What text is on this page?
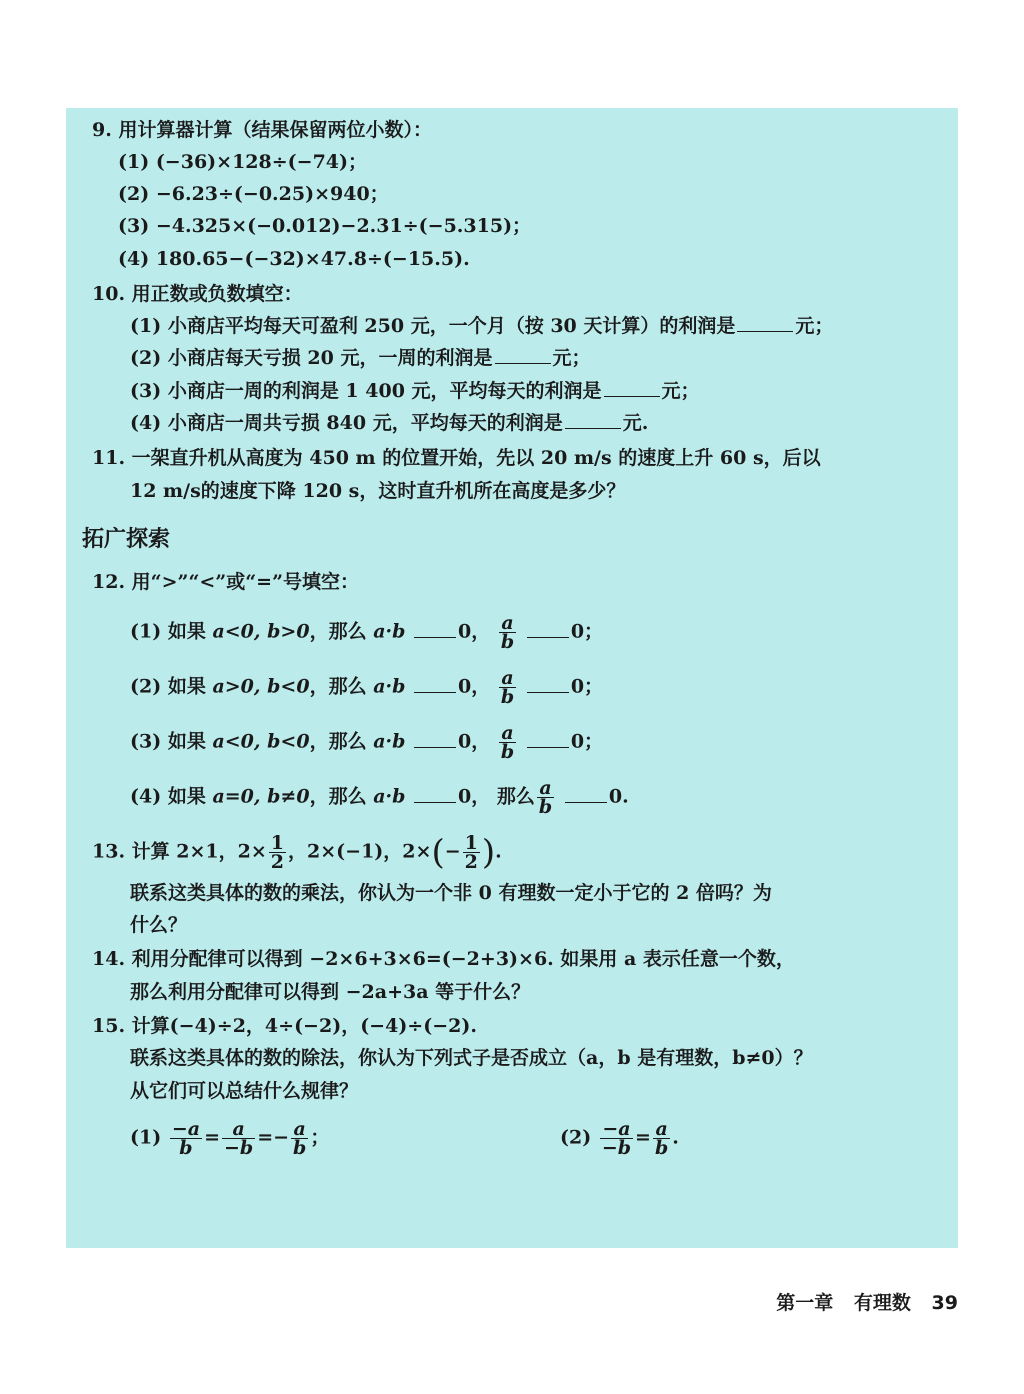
9. 用计算器计算（结果保留两位小数）：
(1) (−36)×128÷(−74)；
(2) −6.23÷(−0.25)×940；
(3) −4.325×(−0.012)−2.31÷(−5.315)；
(4) 180.65−(−32)×47.8÷(−15.5).
10. 用正数或负数填空：
(1) 小商店平均每天可盈利 250 元，一个月（按 30 天计算）的利润是	元；
(2) 小商店每天亏损 20 元，一周的利润是	元；
(3) 小商店一周的利润是 1 400 元，平均每天的利润是	元；
(4) 小商店一周共亏损 840 元，平均每天的利润是	元.
11. 一架直升机从高度为 450 m 的位置开始，先以 20 m/s 的速度上升 60 s，后以
12 m/s的速度下降 120 s，这时直升机所在高度是多少？
拓广探索
12. 用“>”“<”或“=”号填空：
(1) 如果 a<0, b>0，那么 a·b	0， $\frac{a}{b}$	0；
(2) 如果 a>0, b<0，那么 a·b	0， $\frac{a}{b}$	0；
(3) 如果 a<0, b<0，那么 a·b	0， $\frac{a}{b}$	0；
(4) 如果 a=0, b≠0，那么 a·b	0， 那么 $\frac{a}{b}$	0.
13. 计算 2×1，$2\times \frac{1}{2}$ ，2×(−1)，$2\times(- \frac{1}{2}$ ).
联系这类具体的数的乘法，你认为一个非 0 有理数一定小于它的 2 倍吗？为
什么？
14. 利用分配律可以得到 −2×6+3×6=(−2+3)×6. 如果用 a 表示任意一个数，
那么利用分配律可以得到 −2a+3a 等于什么？
15. 计算(−4)÷2，4÷(−2)，(−4)÷(−2).
联系这类具体的数的除法，你认为下列式子是否成立（a，b 是有理数，b≠0）？
从它们可以总结什么规律？
$(1) \frac{-a}{b} = \frac{a}{-b} =- \frac{a}{b}$ ；	$(2) \frac{-a}{-b} = \frac{a}{b}$ .
第一章 有理数 39
